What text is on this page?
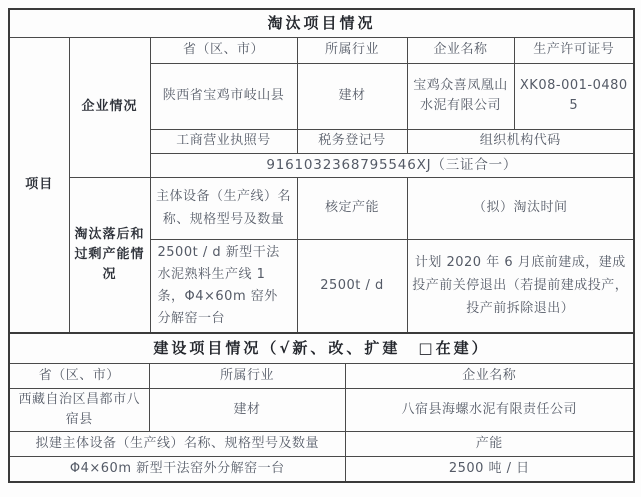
淘汰项目情况					
项目	企业情况	省（区、市）	所属行业	企业名称	生产许可证号
		陕西省宝鸡市岐山县	建材	宝鸡众喜凤凰山水泥有限公司	XK08-001-04805
		工商营业执照号	税务登记号	组织机构代码	
		9161032368795546XJ（三证合一）			
	淘汰落后和过剩产能情况	主体设备（生产线）名称、规格型号及数量	核定产能	（拟）淘汰时间	
		2500t / d 新型干法水泥熟料生产线 1 条，Φ4×60m 窑外分解窑一台	2500t / d	计划 2020 年 6 月底前建成，建成投产前关停退出（若提前建成投产，投产前拆除退出）	
建设项目情况（√新、改、扩建　□在建）		
省（区、市）	所属行业	企业名称
西藏自治区昌都市八宿县	建材	八宿县海螺水泥有限责任公司
拟建主体设备（生产线）名称、规格型号及数量		产能
Φ4×60m 新型干法窑外分解窑一台		2500 吨 / 日
